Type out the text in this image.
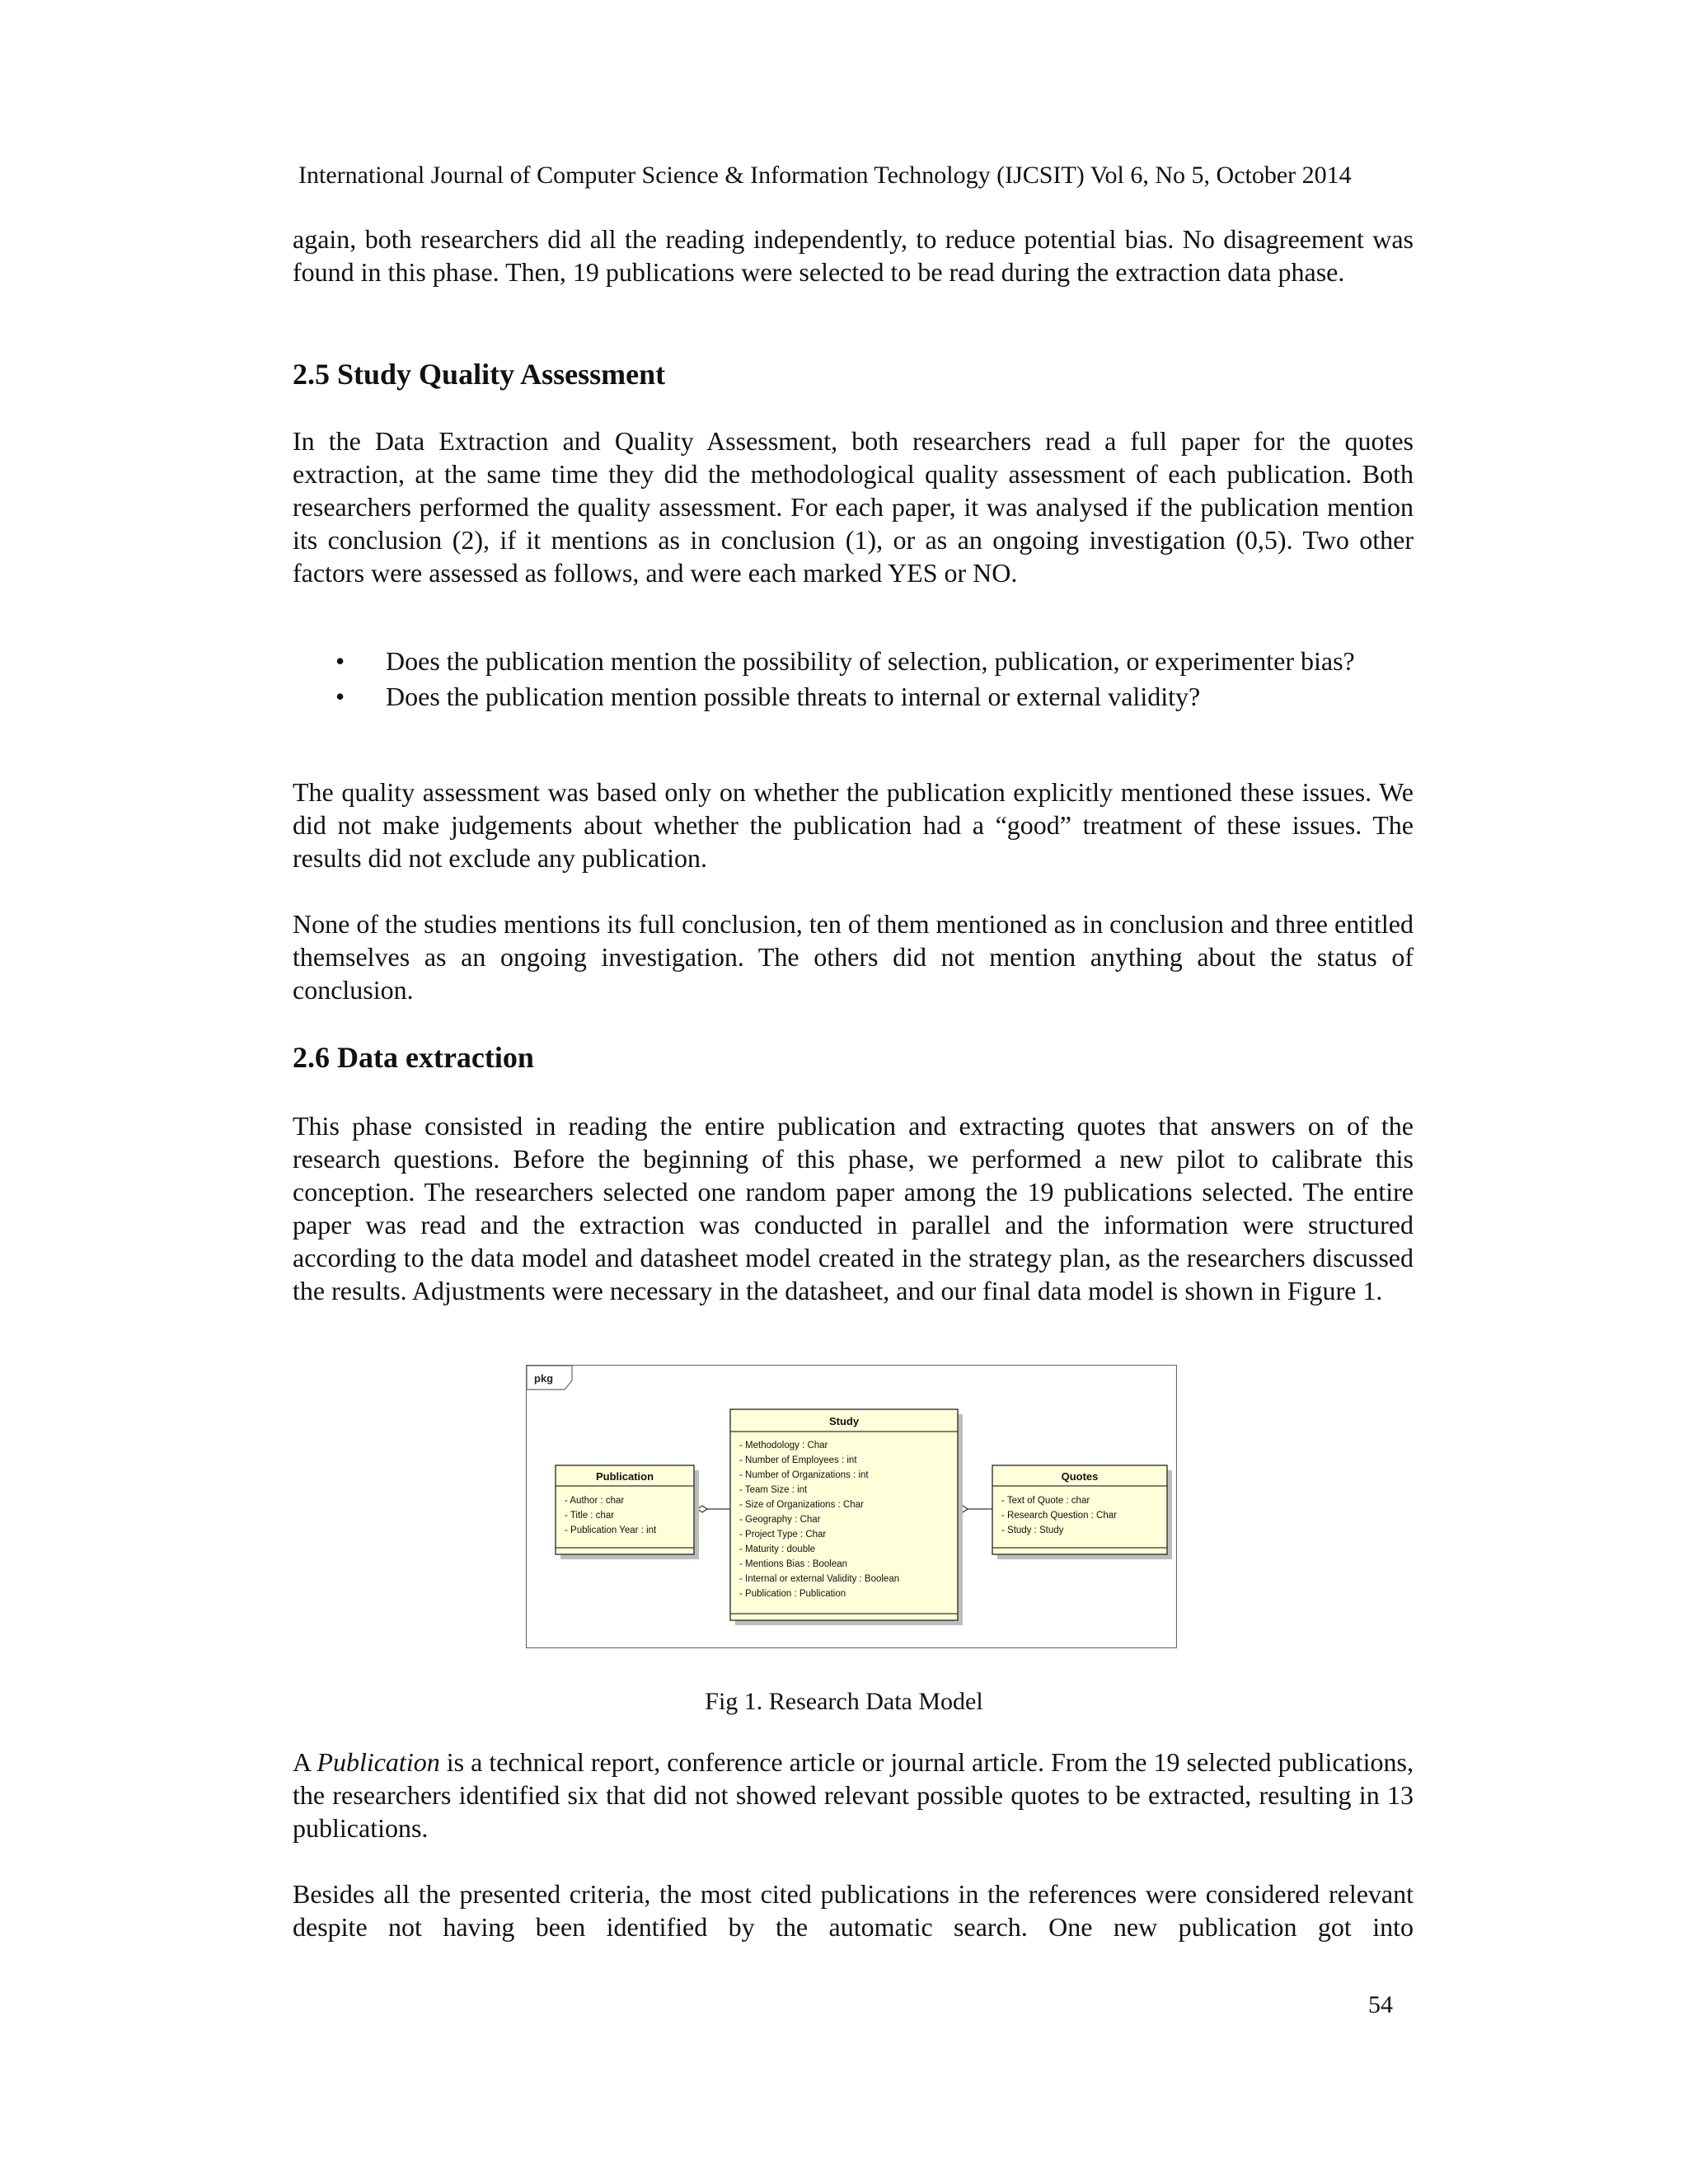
International Journal of Computer Science & Information Technology (IJCSIT) Vol 6, No 5, October 2014

again, both researchers did all the reading independently, to reduce potential bias. No disagreement was found in this phase. Then, 19 publications were selected to be read during the extraction data phase.

2.5 Study Quality Assessment

In the Data Extraction and Quality Assessment, both researchers read a full paper for the quotes extraction, at the same time they did the methodological quality assessment of each publication. Both researchers performed the quality assessment. For each paper, it was analysed if the publication mention its conclusion (2), if it mentions as in conclusion (1), or as an ongoing investigation (0,5). Two other factors were assessed as follows, and were each marked YES or NO.

• Does the publication mention the possibility of selection, publication, or experimenter bias?
• Does the publication mention possible threats to internal or external validity?

The quality assessment was based only on whether the publication explicitly mentioned these issues. We did not make judgements about whether the publication had a “good” treatment of these issues. The results did not exclude any publication.

None of the studies mentions its full conclusion, ten of them mentioned as in conclusion and three entitled themselves as an ongoing investigation. The others did not mention anything about the status of conclusion.

2.6 Data extraction

This phase consisted in reading the entire publication and extracting quotes that answers on of the research questions. Before the beginning of this phase, we performed a new pilot to calibrate this conception. The researchers selected one random paper among the 19 publications selected. The entire paper was read and the extraction was conducted in parallel and the information were structured according to the data model and datasheet model created in the strategy plan, as the researchers discussed the results. Adjustments were necessary in the datasheet, and our final data model is shown in Figure 1.

pkg
Publication
- Author : char
- Title : char
- Publication Year : int
Study
- Methodology : Char
- Number of Employees : int
- Number of Organizations : int
- Team Size : int
- Size of Organizations : Char
- Geography : Char
- Project Type : Char
- Maturity : double
- Mentions Bias : Boolean
- Internal or external Validity : Boolean
- Publication : Publication
Quotes
- Text of Quote : char
- Research Question : Char
- Study : Study
Fig 1. Research Data Model

A Publication is a technical report, conference article or journal article. From the 19 selected publications, the researchers identified six that did not showed relevant possible quotes to be extracted, resulting in 13 publications.

Besides all the presented criteria, the most cited publications in the references were considered relevant despite not having been identified by the automatic search. One new publication got into

54
